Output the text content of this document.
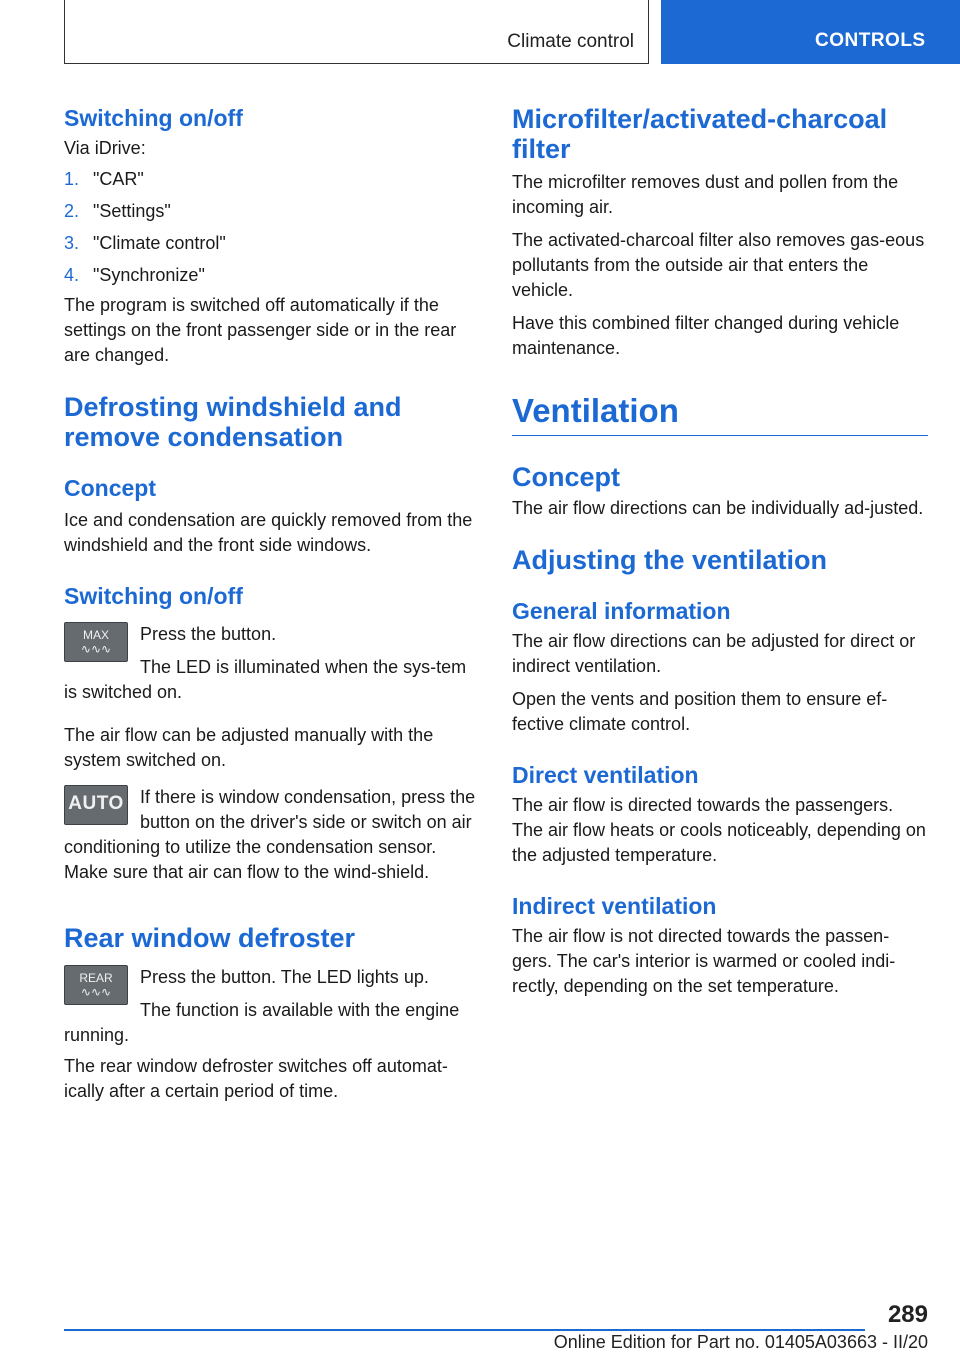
Climate control	CONTROLS
Switching on/off

Via iDrive:

1. "CAR"
2. "Settings"
3. "Climate control"
4. "Synchronize"

The program is switched off automatically if the settings on the front passenger side or in the rear are changed.

Defrosting windshield and remove condensation
Concept

Ice and condensation are quickly removed from the windshield and the front side windows.

Switching on/off
MAX
∿∿∿

Press the button.

The LED is illuminated when the sys-tem is switched on.

The air flow can be adjusted manually with the system switched on.

AUTO If there is window condensation, press the button on the driver's side or switch on air conditioning to utilize the condensation sensor. Make sure that air can flow to the wind-shield.

Rear window defroster
REAR
∿∿∿

Press the button. The LED lights up.

The function is available with the engine running.

The rear window defroster switches off automat-ically after a certain period of time.

Microfilter/activated-charcoal filter

The microfilter removes dust and pollen from the incoming air.

The activated-charcoal filter also removes gas-eous pollutants from the outside air that enters the vehicle.

Have this combined filter changed during vehicle maintenance.

Ventilation
Concept

The air flow directions can be individually ad-justed.

Adjusting the ventilation
General information

The air flow directions can be adjusted for direct or indirect ventilation.

Open the vents and position them to ensure ef-fective climate control.

Direct ventilation

The air flow is directed towards the passengers. The air flow heats or cools noticeably, depending on the adjusted temperature.

Indirect ventilation

The air flow is not directed towards the passen-gers. The car's interior is warmed or cooled indi-rectly, depending on the set temperature.

289
Online Edition for Part no. 01405A03663 - II/20
